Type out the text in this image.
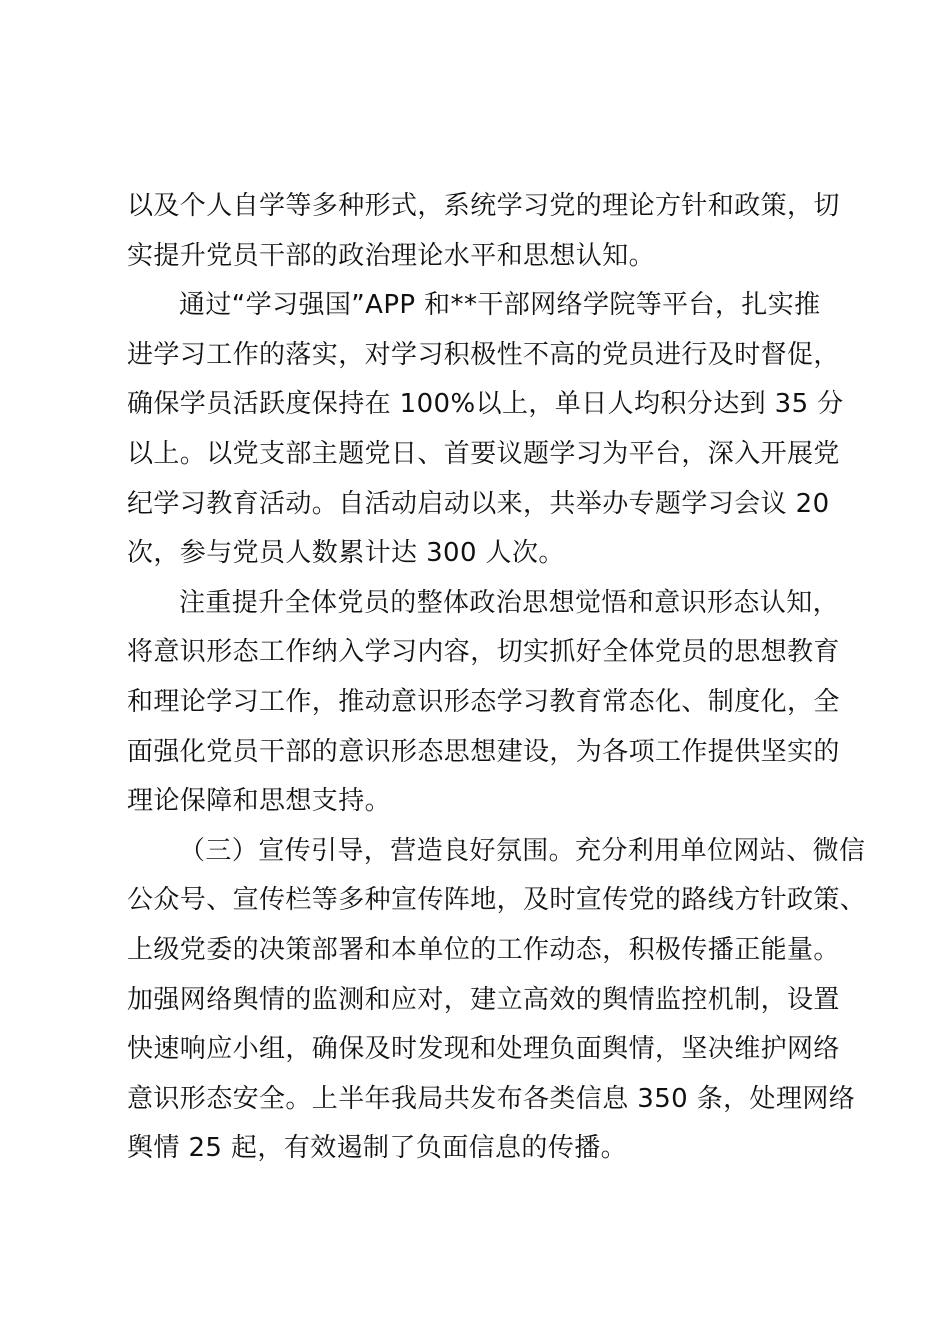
以及个人自学等多种形式，系统学习党的理论方针和政策，切
实提升党员干部的政治理论水平和思想认知。
通过“学习强国”APP 和**干部网络学院等平台，扎实推
进学习工作的落实，对学习积极性不高的党员进行及时督促，
确保学员活跃度保持在 100%以上，单日人均积分达到 35 分
以上。以党支部主题党日、首要议题学习为平台，深入开展党
纪学习教育活动。自活动启动以来，共举办专题学习会议 20
次，参与党员人数累计达 300 人次。
注重提升全体党员的整体政治思想觉悟和意识形态认知，
将意识形态工作纳入学习内容，切实抓好全体党员的思想教育
和理论学习工作，推动意识形态学习教育常态化、制度化，全
面强化党员干部的意识形态思想建设，为各项工作提供坚实的
理论保障和思想支持。
（三）宣传引导，营造良好氛围。充分利用单位网站、微信
公众号、宣传栏等多种宣传阵地，及时宣传党的路线方针政策、
上级党委的决策部署和本单位的工作动态，积极传播正能量。
加强网络舆情的监测和应对，建立高效的舆情监控机制，设置
快速响应小组，确保及时发现和处理负面舆情，坚决维护网络
意识形态安全。上半年我局共发布各类信息 350 条，处理网络
舆情 25 起，有效遏制了负面信息的传播。
